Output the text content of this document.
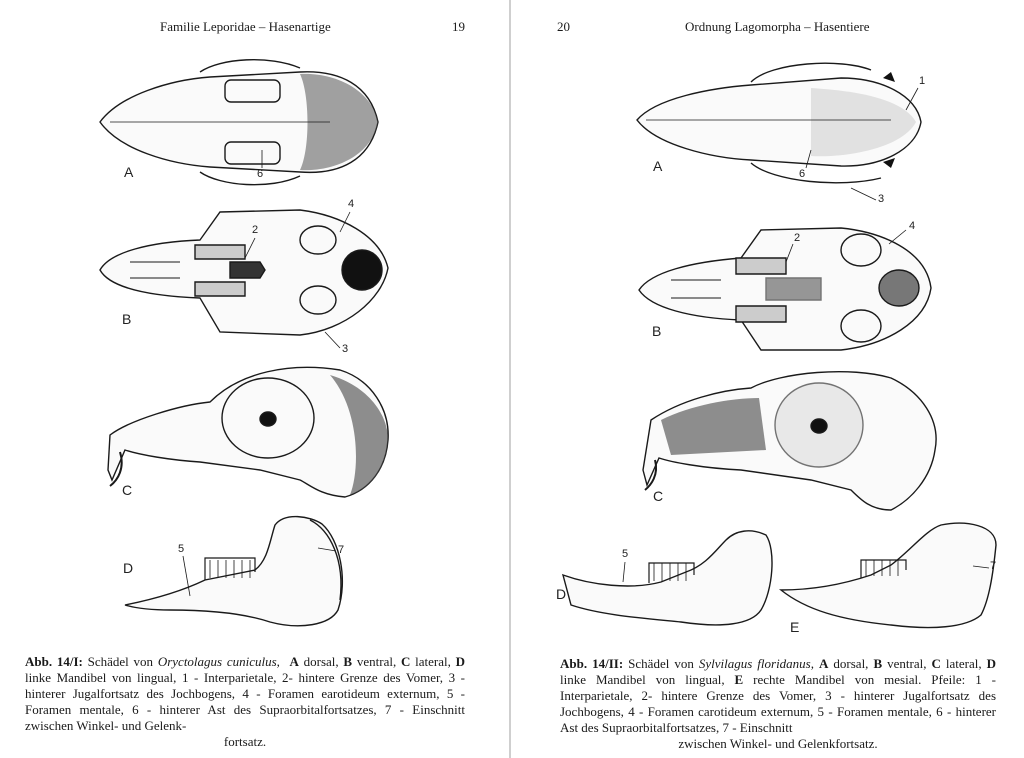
Familie Leporidae – Hasenartige	19
A
B
C
D
6
2
4
3
5	7
Abb. 14/I: Schädel von Oryctolagus cuniculus, A dorsal, B ventral, C lateral, D linke Mandibel von lingual, 1 - Interparietale, 2- hintere Grenze des Vomer, 3 - hinterer Jugalfortsatz des Jochbogens, 4 - Foramen earotideum externum, 5 - Foramen mentale, 6 - hinterer Ast des Supraorbitalfortsatzes, 7 - Einschnitt zwischen Winkel- und Gelenk-
fortsatz.
20	Ordnung Lagomorpha – Hasentiere
A
B
C
D
E
1
6
3
2
4
5
7
Abb. 14/II: Schädel von Sylvilagus floridanus, A dorsal, B ventral, C lateral, D linke Mandibel von lingual, E rechte Mandibel von mesial. Pfeile: 1 - Interparietale, 2- hintere Grenze des Vomer, 3 - hinterer Jugalfortsatz des Jochbogens, 4 - Foramen carotideum externum, 5 - Foramen mentale, 6 - hinterer Ast des Supraorbitalfortsatzes, 7 - Einschnitt
zwischen Winkel- und Gelenkfortsatz.
